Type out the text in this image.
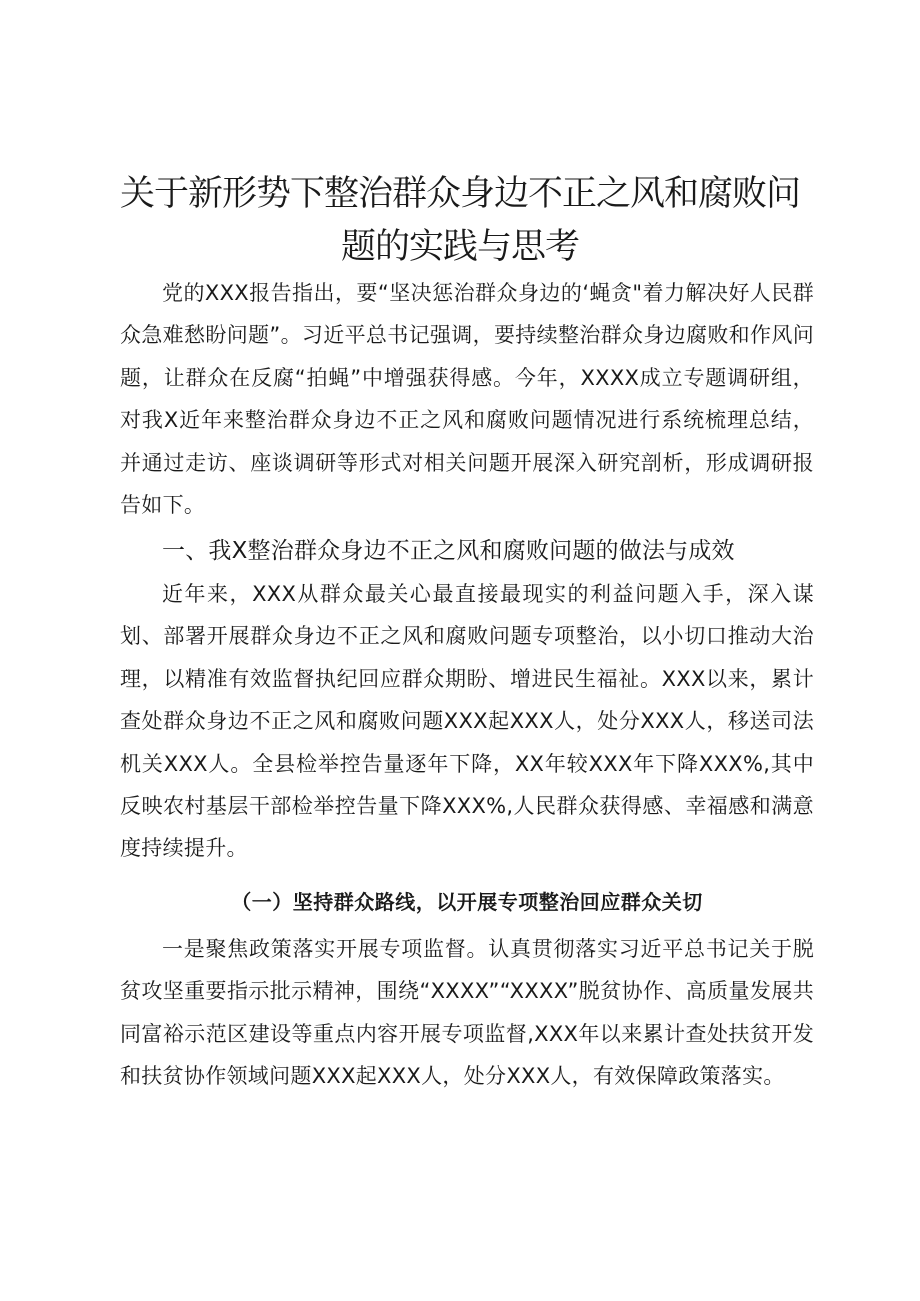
关于新形势下整治群众身边不正之风和腐败问题的实践与思考

党的XXX报告指出，要“坚决惩治群众身边的‘蝇贪"着力解决好人民群众急难愁盼问题”。习近平总书记强调，要持续整治群众身边腐败和作风问题，让群众在反腐“拍蝇”中增强获得感。今年，XXXX成立专题调研组，对我X近年来整治群众身边不正之风和腐败问题情况进行系统梳理总结，并通过走访、座谈调研等形式对相关问题开展深入研究剖析，形成调研报告如下。

一、我X整治群众身边不正之风和腐败问题的做法与成效

近年来，XXX从群众最关心最直接最现实的利益问题入手，深入谋划、部署开展群众身边不正之风和腐败问题专项整治，以小切口推动大治理，以精准有效监督执纪回应群众期盼、增进民生福祉。XXX以来，累计查处群众身边不正之风和腐败问题XXX起XXX人，处分XXX人，移送司法机关XXX人。全县检举控告量逐年下降，XX年较XXX年下降XXX%,其中反映农村基层干部检举控告量下降XXX%,人民群众获得感、幸福感和满意度持续提升。

（一）坚持群众路线，以开展专项整治回应群众关切

一是聚焦政策落实开展专项监督。认真贯彻落实习近平总书记关于脱贫攻坚重要指示批示精神，围绕“XXXX”“XXXX”脱贫协作、高质量发展共同富裕示范区建设等重点内容开展专项监督,XXX年以来累计查处扶贫开发和扶贫协作领域问题XXX起XXX人，处分XXX人，有效保障政策落实。
